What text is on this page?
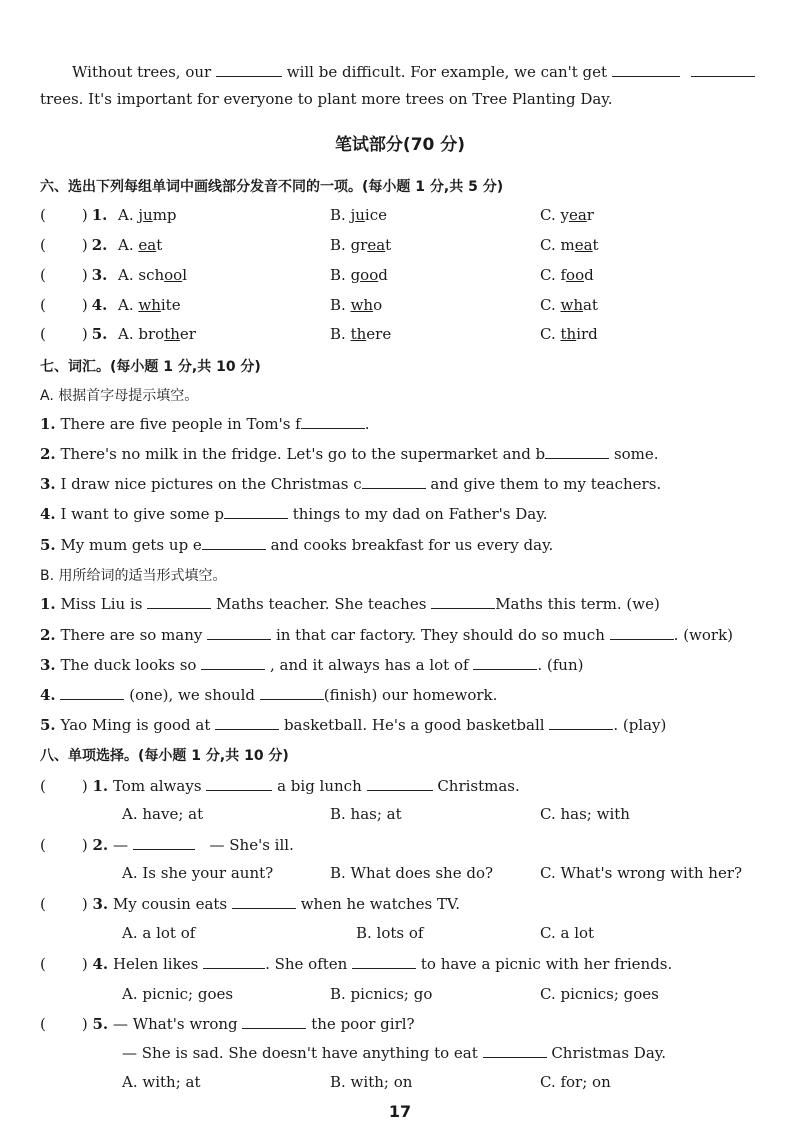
Without trees, our	will be difficult. For example, we can't get
trees. It's important for everyone to plant more trees on Tree Planting Day.
笔试部分(70 分)
六、选出下列每组单词中画线部分发音不同的一项。(每小题 1 分,共 5 分)
( ) 1. A. jump	B. juice	C. year
( ) 2. A. eat	B. great	C. meat
( ) 3. A. school	B. good	C. food
( ) 4. A. white	B. who	C. what
( ) 5. A. brother	B. there	C. third
七、词汇。(每小题 1 分,共 10 分)
A. 根据首字母提示填空。
1. There are five people in Tom's f	.
2. There's no milk in the fridge. Let's go to the supermarket and b	some.
3. I draw nice pictures on the Christmas c	and give them to my teachers.
4. I want to give some p	things to my dad on Father's Day.
5. My mum gets up e	and cooks breakfast for us every day.
B. 用所给词的适当形式填空。
1. Miss Liu is	Maths teacher. She teaches	Maths this term. (we)
2. There are so many	in that car factory. They should do so much	. (work)
3. The duck looks so	, and it always has a lot of	. (fun)
4.	(one), we should	(finish) our homework.
5. Yao Ming is good at	basketball. He's a good basketball	. (play)
八、单项选择。(每小题 1 分,共 10 分)
( ) 1. Tom always	a big lunch	Christmas.
A. have; at	B. has; at	C. has; with
( ) 2. —	— She's ill.
A. Is she your aunt?	B. What does she do?	C. What's wrong with her?
( ) 3. My cousin eats	when he watches TV.
A. a lot of	B. lots of	C. a lot
( ) 4. Helen likes	. She often	to have a picnic with her friends.
A. picnic; goes	B. picnics; go	C. picnics; goes
( ) 5. — What's wrong	the poor girl?
— She is sad. She doesn't have anything to eat	Christmas Day.
A. with; at	B. with; on	C. for; on
17
